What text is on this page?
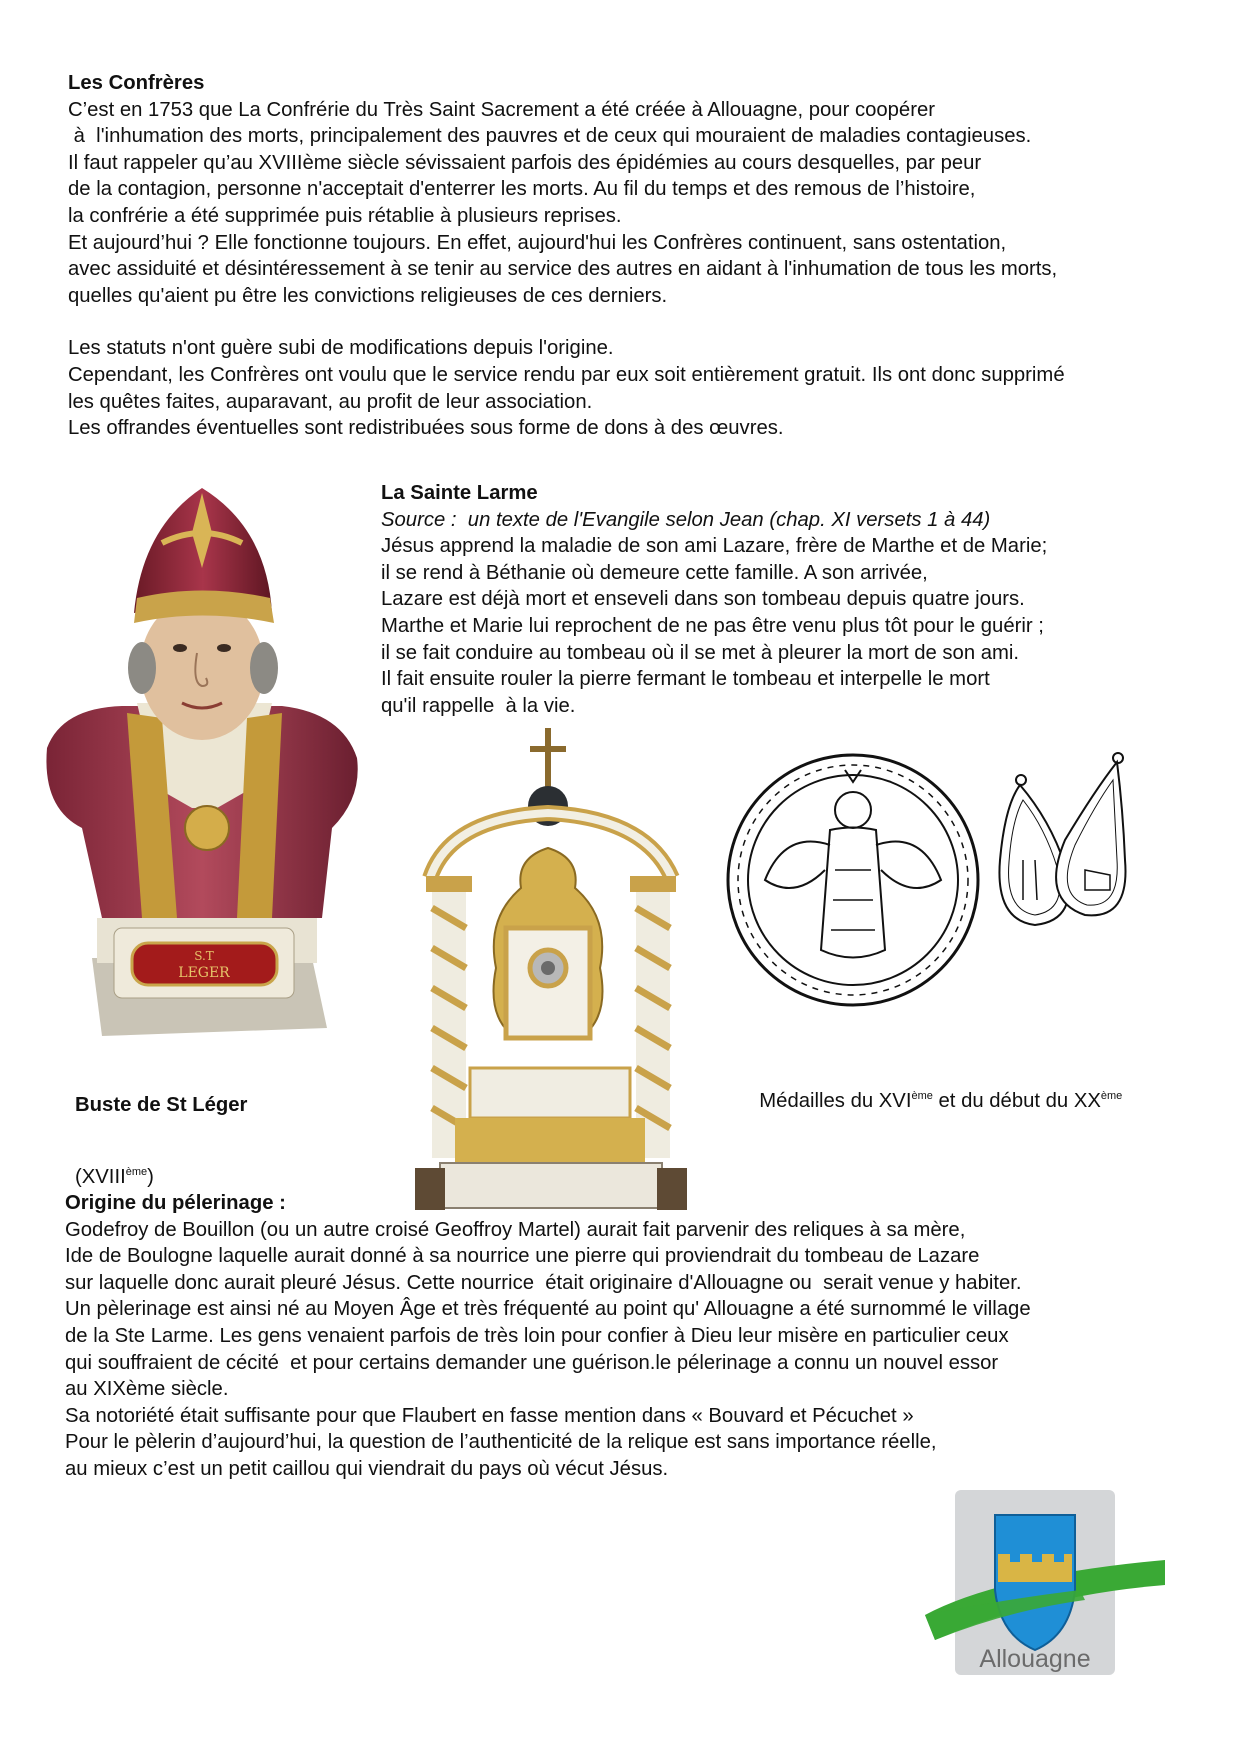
Les Confrères
C’est en 1753 que La Confrérie du Très Saint Sacrement a été créée à Allouagne, pour coopérer
à  l'inhumation des morts, principalement des pauvres et de ceux qui mouraient de maladies contagieuses.
Il faut rappeler qu’au XVIIIème siècle sévissaient parfois des épidémies au cours desquelles, par peur
de la contagion, personne n'acceptait d'enterrer les morts. Au fil du temps et des remous de l’histoire,
la confrérie a été supprimée puis rétablie à plusieurs reprises.
Et aujourd’hui ? Elle fonctionne toujours. En effet, aujourd'hui les Confrères continuent, sans ostentation,
avec assiduité et désintéressement à se tenir au service des autres en aidant à l'inhumation de tous les morts,
quelles qu'aient pu être les convictions religieuses de ces derniers.
Les statuts n'ont guère subi de modifications depuis l'origine.
Cependant, les Confrères ont voulu que le service rendu par eux soit entièrement gratuit. Ils ont donc supprimé
les quêtes faites, auparavant, au profit de leur association.
Les offrandes éventuelles sont redistribuées sous forme de dons à des œuvres.
La Sainte Larme
Source :  un texte de l'Evangile selon Jean (chap. XI versets 1 à 44)
Jésus apprend la maladie de son ami Lazare, frère de Marthe et de Marie;
il se rend à Béthanie où demeure cette famille. A son arrivée,
Lazare est déjà mort et enseveli dans son tombeau depuis quatre jours.
Marthe et Marie lui reprochent de ne pas être venu plus tôt pour le guérir ;
il se fait conduire au tombeau où il se met à pleurer la mort de son ami.
Il fait ensuite rouler la pierre fermant le tombeau et interpelle le mort
qu'il rappelle  à la vie.
S.T
LEGER

Buste de St Léger

(XVIIIème)

Médailles du XVIème et du début du XXème

Origine du pélerinage :
Godefroy de Bouillon (ou un autre croisé Geoffroy Martel) aurait fait parvenir des reliques à sa mère,
Ide de Boulogne laquelle aurait donné à sa nourrice une pierre qui proviendrait du tombeau de Lazare
sur laquelle donc aurait pleuré Jésus. Cette nourrice  était originaire d'Allouagne ou  serait venue y habiter.
Un pèlerinage est ainsi né au Moyen Âge et très fréquenté au point qu' Allouagne a été surnommé le village
de la Ste Larme. Les gens venaient parfois de très loin pour confier à Dieu leur misère en particulier ceux
qui souffraient de cécité  et pour certains demander une guérison.le pélerinage a connu un nouvel essor
au XIXème siècle.
Sa notoriété était suffisante pour que Flaubert en fasse mention dans « Bouvard et Pécuchet »
Pour le pèlerin d’aujourd’hui, la question de l’authenticité de la relique est sans importance réelle,
au mieux c’est un petit caillou qui viendrait du pays où vécut Jésus.
Allouagne
